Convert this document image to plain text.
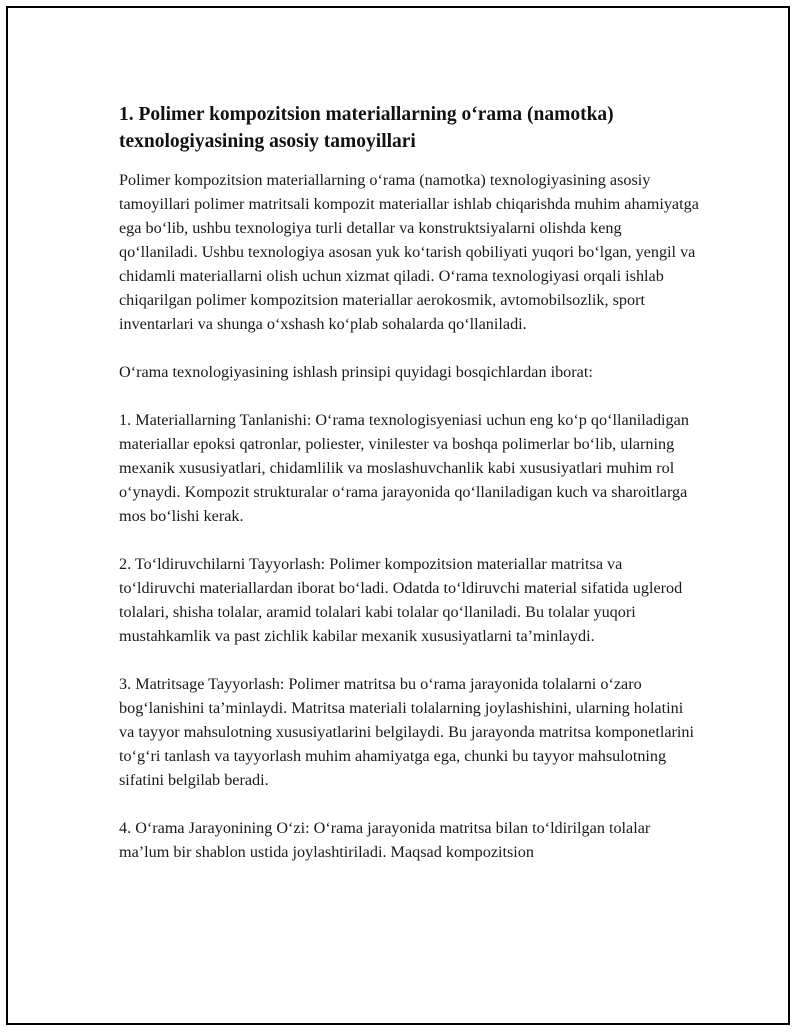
1. Polimer kompozitsion materiallarning o‘rama (namotka) texnologiyasining asosiy tamoyillari

Polimer kompozitsion materiallarning o‘rama (namotka) texnologiyasining asosiy tamoyillari polimer matritsali kompozit materiallar ishlab chiqarishda muhim ahamiyatga ega bo‘lib, ushbu texnologiya turli detallar va konstruktsiyalarni olishda keng qo‘llaniladi. Ushbu texnologiya asosan yuk ko‘tarish qobiliyati yuqori bo‘lgan, yengil va chidamli materiallarni olish uchun xizmat qiladi. O‘rama texnologiyasi orqali ishlab chiqarilgan polimer kompozitsion materiallar aerokosmik, avtomobilsozlik, sport inventarlari va shunga o‘xshash ko‘plab sohalarda qo‘llaniladi.

O‘rama texnologiyasining ishlash prinsipi quyidagi bosqichlardan iborat:

1. Materiallarning Tanlanishi: O‘rama texnologisyeniasi uchun eng ko‘p qo‘llaniladigan materiallar epoksi qatronlar, poliester, vinilester va boshqa polimerlar bo‘lib, ularning mexanik xususiyatlari, chidamlilik va moslashuvchanlik kabi xususiyatlari muhim rol o‘ynaydi. Kompozit strukturalar o‘rama jarayonida qo‘llaniladigan kuch va sharoitlarga mos bo‘lishi kerak.

2. To‘ldiruvchilarni Tayyorlash: Polimer kompozitsion materiallar matritsa va to‘ldiruvchi materiallardan iborat bo‘ladi. Odatda to‘ldiruvchi material sifatida uglerod tolalari, shisha tolalar, aramid tolalari kabi tolalar qo‘llaniladi. Bu tolalar yuqori mustahkamlik va past zichlik kabilar mexanik xususiyatlarni ta’minlaydi.

3. Matritsage Tayyorlash: Polimer matritsa bu o‘rama jarayonida tolalarni o‘zaro bog‘lanishini ta’minlaydi. Matritsa materiali tolalarning joylashishini, ularning holatini va tayyor mahsulotning xususiyatlarini belgilaydi. Bu jarayonda matritsa komponetlarini to‘g‘ri tanlash va tayyorlash muhim ahamiyatga ega, chunki bu tayyor mahsulotning sifatini belgilab beradi.

4. O‘rama Jarayonining O‘zi: O‘rama jarayonida matritsa bilan to‘ldirilgan tolalar ma’lum bir shablon ustida joylashtiriladi. Maqsad kompozitsion
